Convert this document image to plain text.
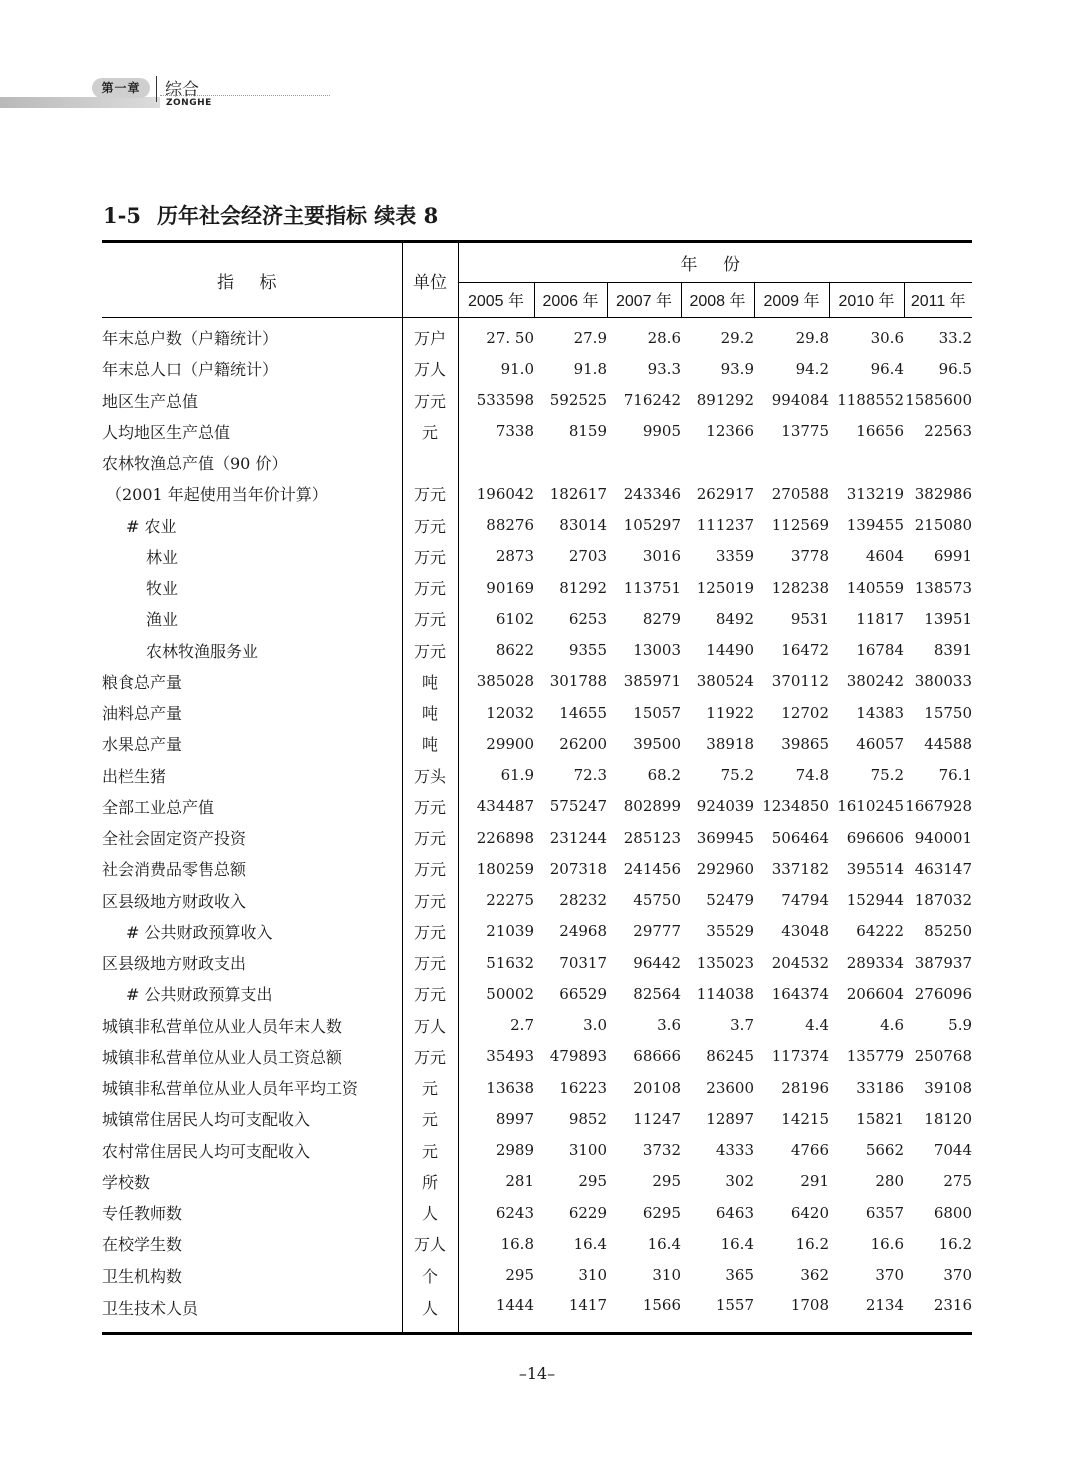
第一章	综合
ZONGHE
1-5 历年社会经济主要指标 续表 8
指 标	单位	年 份						
		2005 年	2006 年	2007 年	2008 年	2009 年	2010 年	2011 年
年末总户数（户籍统计）	万户	27. 50	27.9	28.6	29.2	29.8	30.6	33.2
年末总人口（户籍统计）	万人	91.0	91.8	93.3	93.9	94.2	96.4	96.5
地区生产总值	万元	533598	592525	716242	891292	994084	1188552	1585600
人均地区生产总值	元	7338	8159	9905	12366	13775	16656	22563
农林牧渔总产值（90 价）								
（2001 年起使用当年价计算）	万元	196042	182617	243346	262917	270588	313219	382986
# 农业	万元	88276	83014	105297	111237	112569	139455	215080
林业	万元	2873	2703	3016	3359	3778	4604	6991
牧业	万元	90169	81292	113751	125019	128238	140559	138573
渔业	万元	6102	6253	8279	8492	9531	11817	13951
农林牧渔服务业	万元	8622	9355	13003	14490	16472	16784	8391
粮食总产量	吨	385028	301788	385971	380524	370112	380242	380033
油料总产量	吨	12032	14655	15057	11922	12702	14383	15750
水果总产量	吨	29900	26200	39500	38918	39865	46057	44588
出栏生猪	万头	61.9	72.3	68.2	75.2	74.8	75.2	76.1
全部工业总产值	万元	434487	575247	802899	924039	1234850	1610245	1667928
全社会固定资产投资	万元	226898	231244	285123	369945	506464	696606	940001
社会消费品零售总额	万元	180259	207318	241456	292960	337182	395514	463147
区县级地方财政收入	万元	22275	28232	45750	52479	74794	152944	187032
# 公共财政预算收入	万元	21039	24968	29777	35529	43048	64222	85250
区县级地方财政支出	万元	51632	70317	96442	135023	204532	289334	387937
# 公共财政预算支出	万元	50002	66529	82564	114038	164374	206604	276096
城镇非私营单位从业人员年末人数	万人	2.7	3.0	3.6	3.7	4.4	4.6	5.9
城镇非私营单位从业人员工资总额	万元	35493	479893	68666	86245	117374	135779	250768
城镇非私营单位从业人员年平均工资	元	13638	16223	20108	23600	28196	33186	39108
城镇常住居民人均可支配收入	元	8997	9852	11247	12897	14215	15821	18120
农村常住居民人均可支配收入	元	2989	3100	3732	4333	4766	5662	7044
学校数	所	281	295	295	302	291	280	275
专任教师数	人	6243	6229	6295	6463	6420	6357	6800
在校学生数	万人	16.8	16.4	16.4	16.4	16.2	16.6	16.2
卫生机构数	个	295	310	310	365	362	370	370
卫生技术人员	人	1444	1417	1566	1557	1708	2134	2316
–14–
